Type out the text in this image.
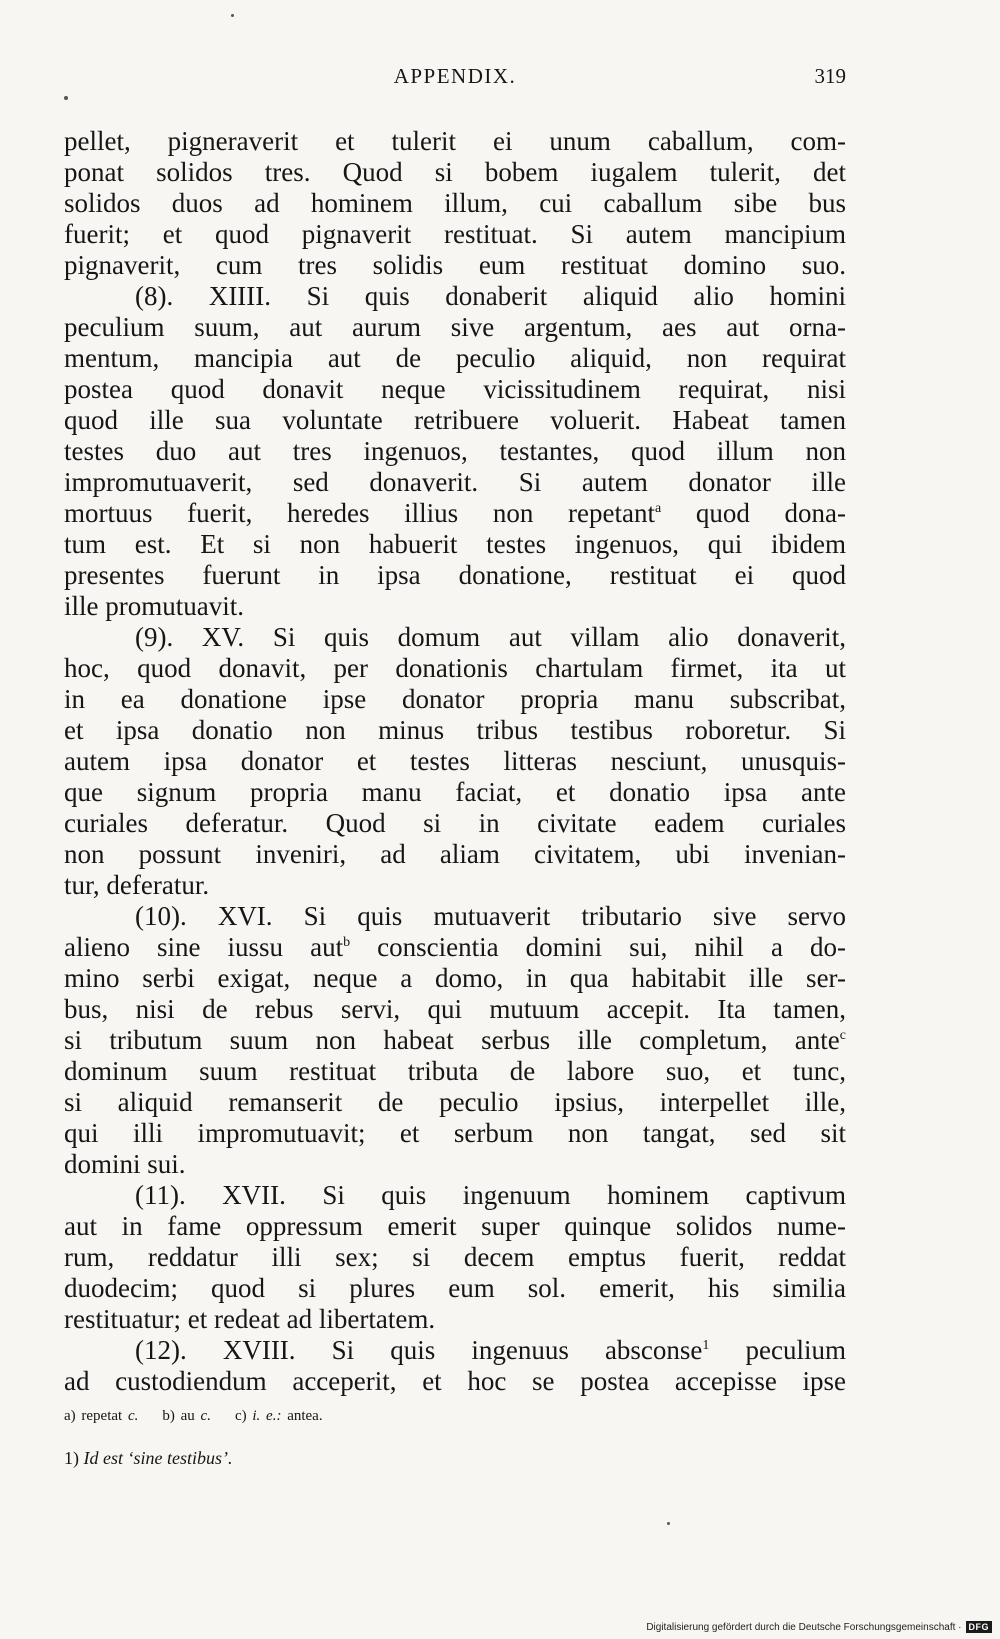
APPENDIX.	319
pellet, pigneraverit et tulerit ei unum caballum, com-
ponat solidos tres. Quod si bobem iugalem tulerit, det
solidos duos ad hominem illum, cui caballum sibe bus
fuerit; et quod pignaverit restituat. Si autem mancipium
pignaverit, cum tres solidis eum restituat domino suo.
(8). XIIII. Si quis donaberit aliquid alio homini
peculium suum, aut aurum sive argentum, aes aut orna-
mentum, mancipia aut de peculio aliquid, non requirat
postea quod donavit neque vicissitudinem requirat, nisi
quod ille sua voluntate retribuere voluerit. Habeat tamen
testes duo aut tres ingenuos, testantes, quod illum non
impromutuaverit, sed donaverit. Si autem donator ille
mortuus fuerit, heredes illius non repetant$^a$ quod dona-
tum est. Et si non habuerit testes ingenuos, qui ibidem
presentes fuerunt in ipsa donatione, restituat ei quod
ille promutuavit.
(9). XV. Si quis domum aut villam alio donaverit,
hoc, quod donavit, per donationis chartulam firmet, ita ut
in ea donatione ipse donator propria manu subscribat,
et ipsa donatio non minus tribus testibus roboretur. Si
autem ipsa donator et testes litteras nesciunt, unusquis-
que signum propria manu faciat, et donatio ipsa ante
curiales deferatur. Quod si in civitate eadem curiales
non possunt inveniri, ad aliam civitatem, ubi invenian-
tur, deferatur.
(10). XVI. Si quis mutuaverit tributario sive servo
alieno sine iussu aut$^b$ conscientia domini sui, nihil a do-
mino serbi exigat, neque a domo, in qua habitabit ille ser-
bus, nisi de rebus servi, qui mutuum accepit. Ita tamen,
si tributum suum non habeat serbus ille completum, ante$^c$
dominum suum restituat tributa de labore suo, et tunc,
si aliquid remanserit de peculio ipsius, interpellet ille,
qui illi impromutuavit; et serbum non tangat, sed sit
domini sui.
(11). XVII. Si quis ingenuum hominem captivum
aut in fame oppressum emerit super quinque solidos nume-
rum, reddatur illi sex; si decem emptus fuerit, reddat
duodecim; quod si plures eum sol. emerit, his similia
restituatur; et redeat ad libertatem.
(12). XVIII. Si quis ingenuus absconse$^1$ peculium
ad custodiendum acceperit, et hoc se postea accepisse ipse
a) repetat c. b) au c. c) i. e.: antea.
1) Id est ‘sine testibus’.
Digitalisierung gefördert durch die Deutsche Forschungsgemeinschaft · DFG
